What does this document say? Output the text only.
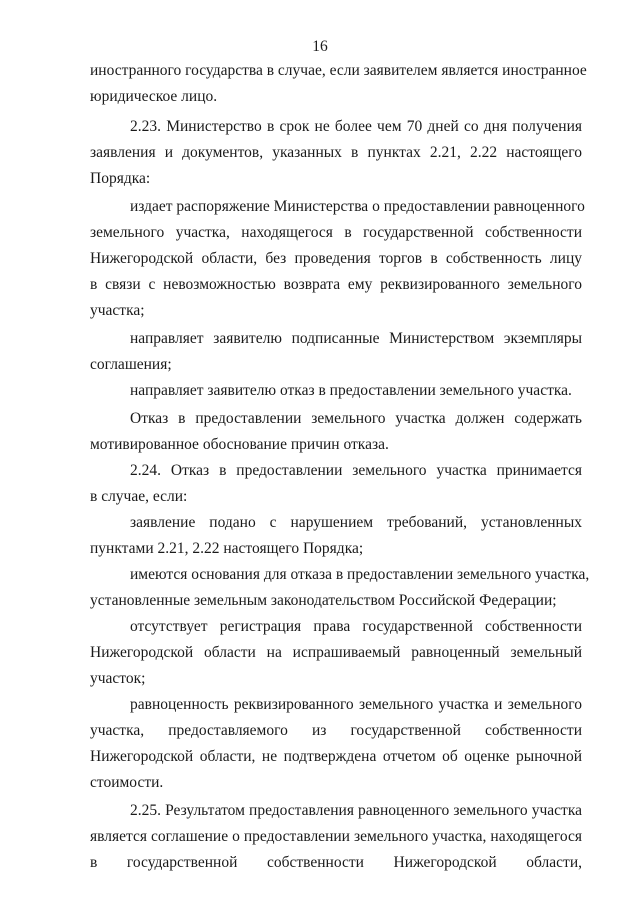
16
иностранного государства в случае, если заявителем является иностранное
юридическое лицо.
2.23. Министерство в срок не более чем 70 дней со дня получения
заявления и документов, указанных в пунктах 2.21, 2.22 настоящего
Порядка:
издает распоряжение Министерства о предоставлении равноценного
земельного участка, находящегося в государственной собственности
Нижегородской области, без проведения торгов в собственность лицу
в связи с невозможностью возврата ему реквизированного земельного
участка;
направляет заявителю подписанные Министерством экземпляры
соглашения;
направляет заявителю отказ в предоставлении земельного участка.
Отказ в предоставлении земельного участка должен содержать
мотивированное обоснование причин отказа.
2.24. Отказ в предоставлении земельного участка принимается
в случае, если:
заявление подано с нарушением требований, установленных
пунктами 2.21, 2.22 настоящего Порядка;
имеются основания для отказа в предоставлении земельного участка,
установленные земельным законодательством Российской Федерации;
отсутствует регистрация права государственной собственности
Нижегородской области на испрашиваемый равноценный земельный
участок;
равноценность реквизированного земельного участка и земельного
участка, предоставляемого из государственной собственности
Нижегородской области, не подтверждена отчетом об оценке рыночной
стоимости.
2.25. Результатом предоставления равноценного земельного участка
является соглашение о предоставлении земельного участка, находящегося
в государственной собственности Нижегородской области,
